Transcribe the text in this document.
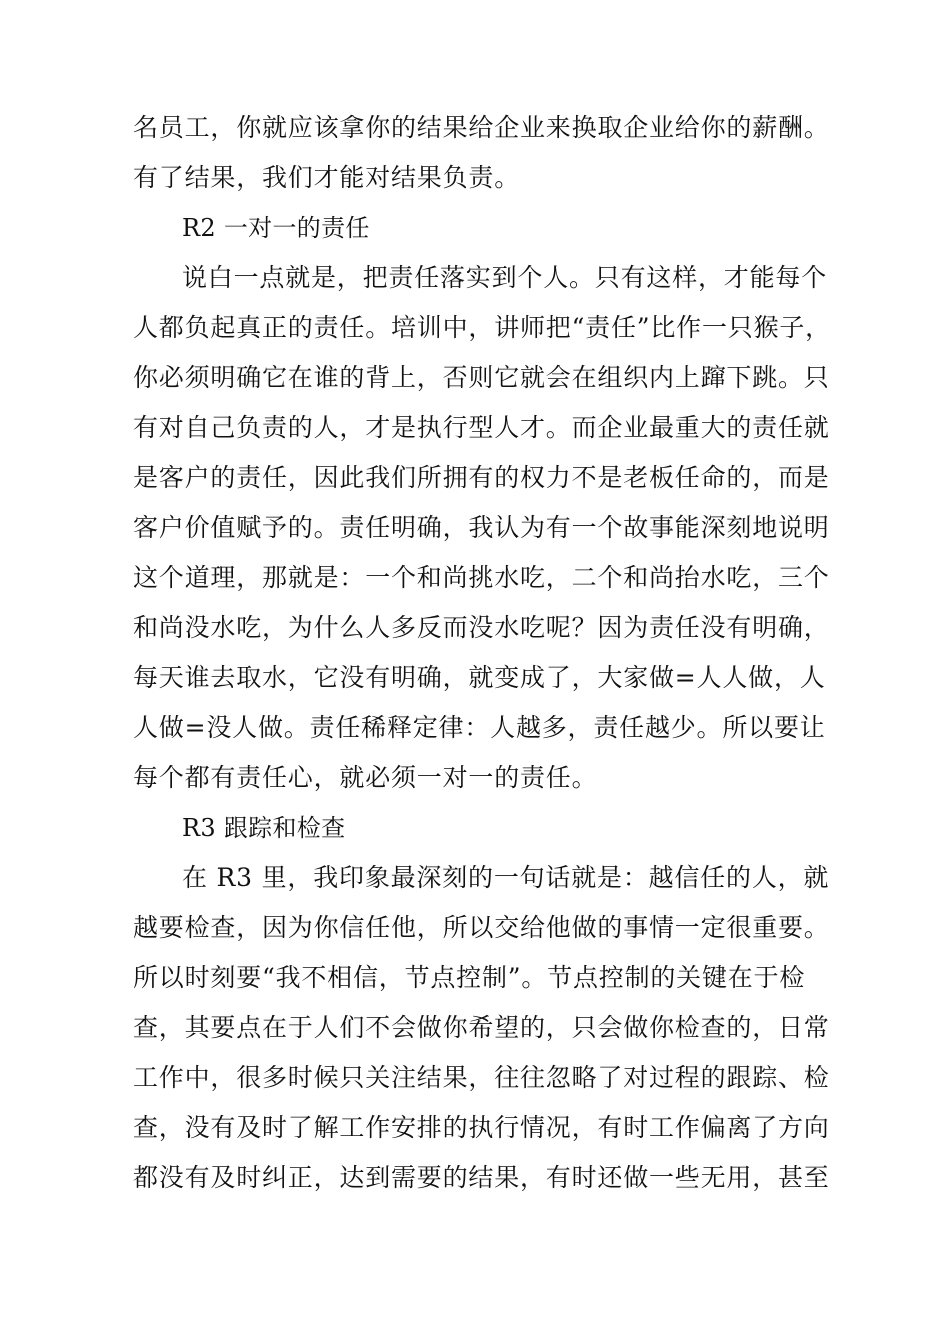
名员工，你就应该拿你的结果给企业来换取企业给你的薪酬。
有了结果，我们才能对结果负责。
R2 一对一的责任
说白一点就是，把责任落实到个人。只有这样，才能每个
人都负起真正的责任。培训中，讲师把“责任”比作一只猴子，
你必须明确它在谁的背上，否则它就会在组织内上蹿下跳。只
有对自己负责的人，才是执行型人才。而企业最重大的责任就
是客户的责任，因此我们所拥有的权力不是老板任命的，而是
客户价值赋予的。责任明确，我认为有一个故事能深刻地说明
这个道理，那就是：一个和尚挑水吃，二个和尚抬水吃，三个
和尚没水吃，为什么人多反而没水吃呢？因为责任没有明确，
每天谁去取水，它没有明确，就变成了，大家做=人人做，人
人做=没人做。责任稀释定律：人越多，责任越少。所以要让
每个都有责任心，就必须一对一的责任。
R3 跟踪和检查
在 R3 里，我印象最深刻的一句话就是：越信任的人，就
越要检查，因为你信任他，所以交给他做的事情一定很重要。
所以时刻要“我不相信，节点控制”。节点控制的关键在于检
查，其要点在于人们不会做你希望的，只会做你检查的，日常
工作中，很多时候只关注结果，往往忽略了对过程的跟踪、检
查，没有及时了解工作安排的执行情况，有时工作偏离了方向
都没有及时纠正，达到需要的结果，有时还做一些无用，甚至
